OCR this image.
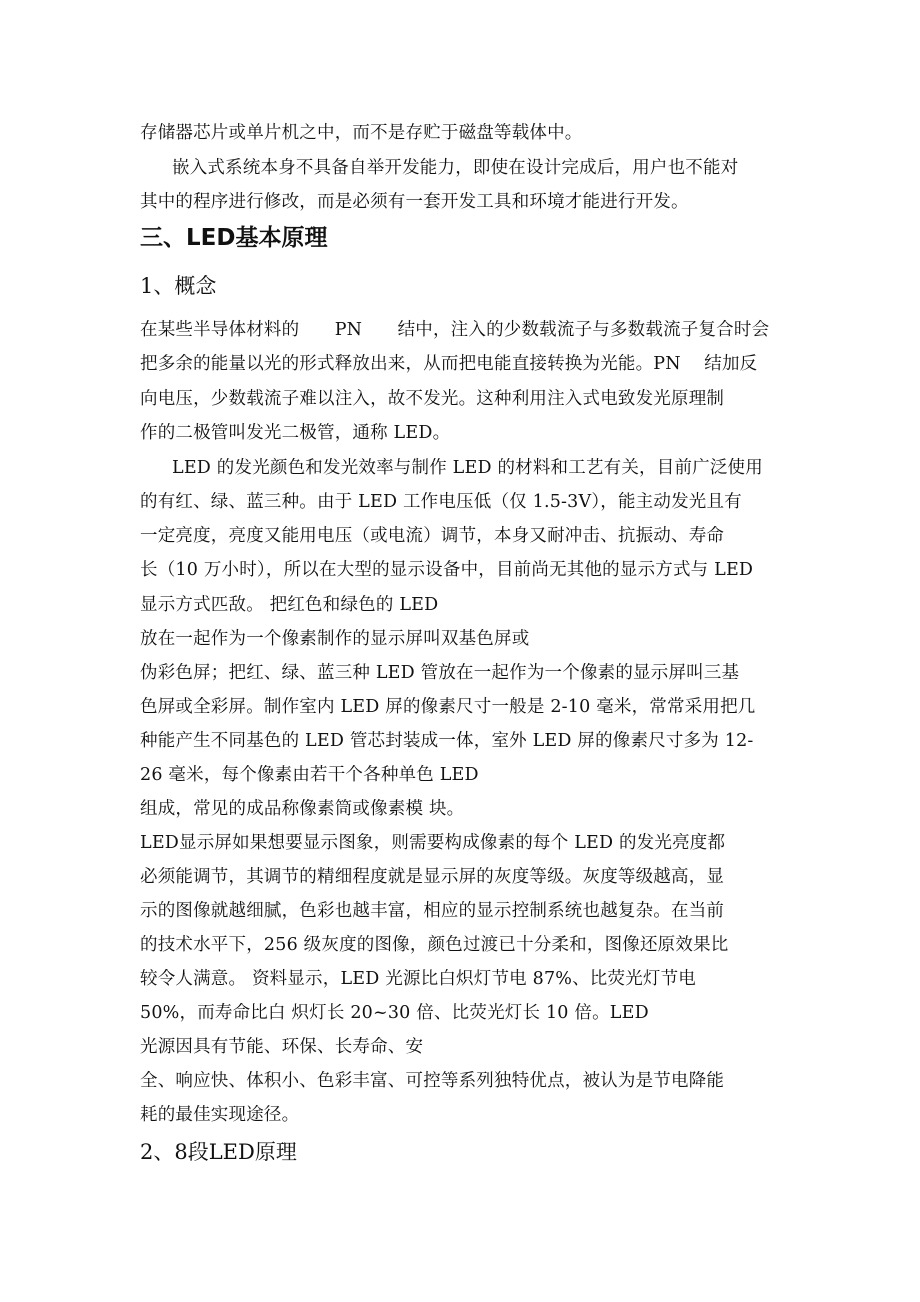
存储器芯片或单片机之中，而不是存贮于磁盘等载体中。
嵌入式系统本身不具备自举开发能力，即使在设计完成后，用户也不能对
其中的程序进行修改，而是必须有一套开发工具和环境才能进行开发。
三、LED基本原理
1、概念
在某些半导体材料的　　PN　　结中，注入的少数载流子与多数载流子复合时会
把多余的能量以光的形式释放出来，从而把电能直接转换为光能。PN　 结加反
向电压，少数载流子难以注入，故不发光。这种利用注入式电致发光原理制
作的二极管叫发光二极管，通称 LED。
LED 的发光颜色和发光效率与制作 LED 的材料和工艺有关，目前广泛使用
的有红、绿、蓝三种。由于 LED 工作电压低（仅 1.5-3V），能主动发光且有
一定亮度，亮度又能用电压（或电流）调节，本身又耐冲击、抗振动、寿命
长（10 万小时），所以在大型的显示设备中，目前尚无其他的显示方式与 LED
显示方式匹敌。 把红色和绿色的 LED
放在一起作为一个像素制作的显示屏叫双基色屏或
伪彩色屏；把红、绿、蓝三种 LED 管放在一起作为一个像素的显示屏叫三基
色屏或全彩屏。制作室内 LED 屏的像素尺寸一般是 2-10 毫米，常常采用把几
种能产生不同基色的 LED 管芯封装成一体，室外 LED 屏的像素尺寸多为 12-
26 毫米，每个像素由若干个各种单色 LED
组成，常见的成品称像素筒或像素模 块。
LED显示屏如果想要显示图象，则需要构成像素的每个 LED 的发光亮度都
必须能调节，其调节的精细程度就是显示屏的灰度等级。灰度等级越高，显
示的图像就越细腻，色彩也越丰富，相应的显示控制系统也越复杂。在当前
的技术水平下，256 级灰度的图像，颜色过渡已十分柔和，图像还原效果比
较令人满意。 资料显示，LED 光源比白炽灯节电 87%、比荧光灯节电
50%，而寿命比白 炽灯长 20~30 倍、比荧光灯长 10 倍。LED
光源因具有节能、环保、长寿命、安
全、响应快、体积小、色彩丰富、可控等系列独特优点，被认为是节电降能
耗的最佳实现途径。
2、8段LED原理
